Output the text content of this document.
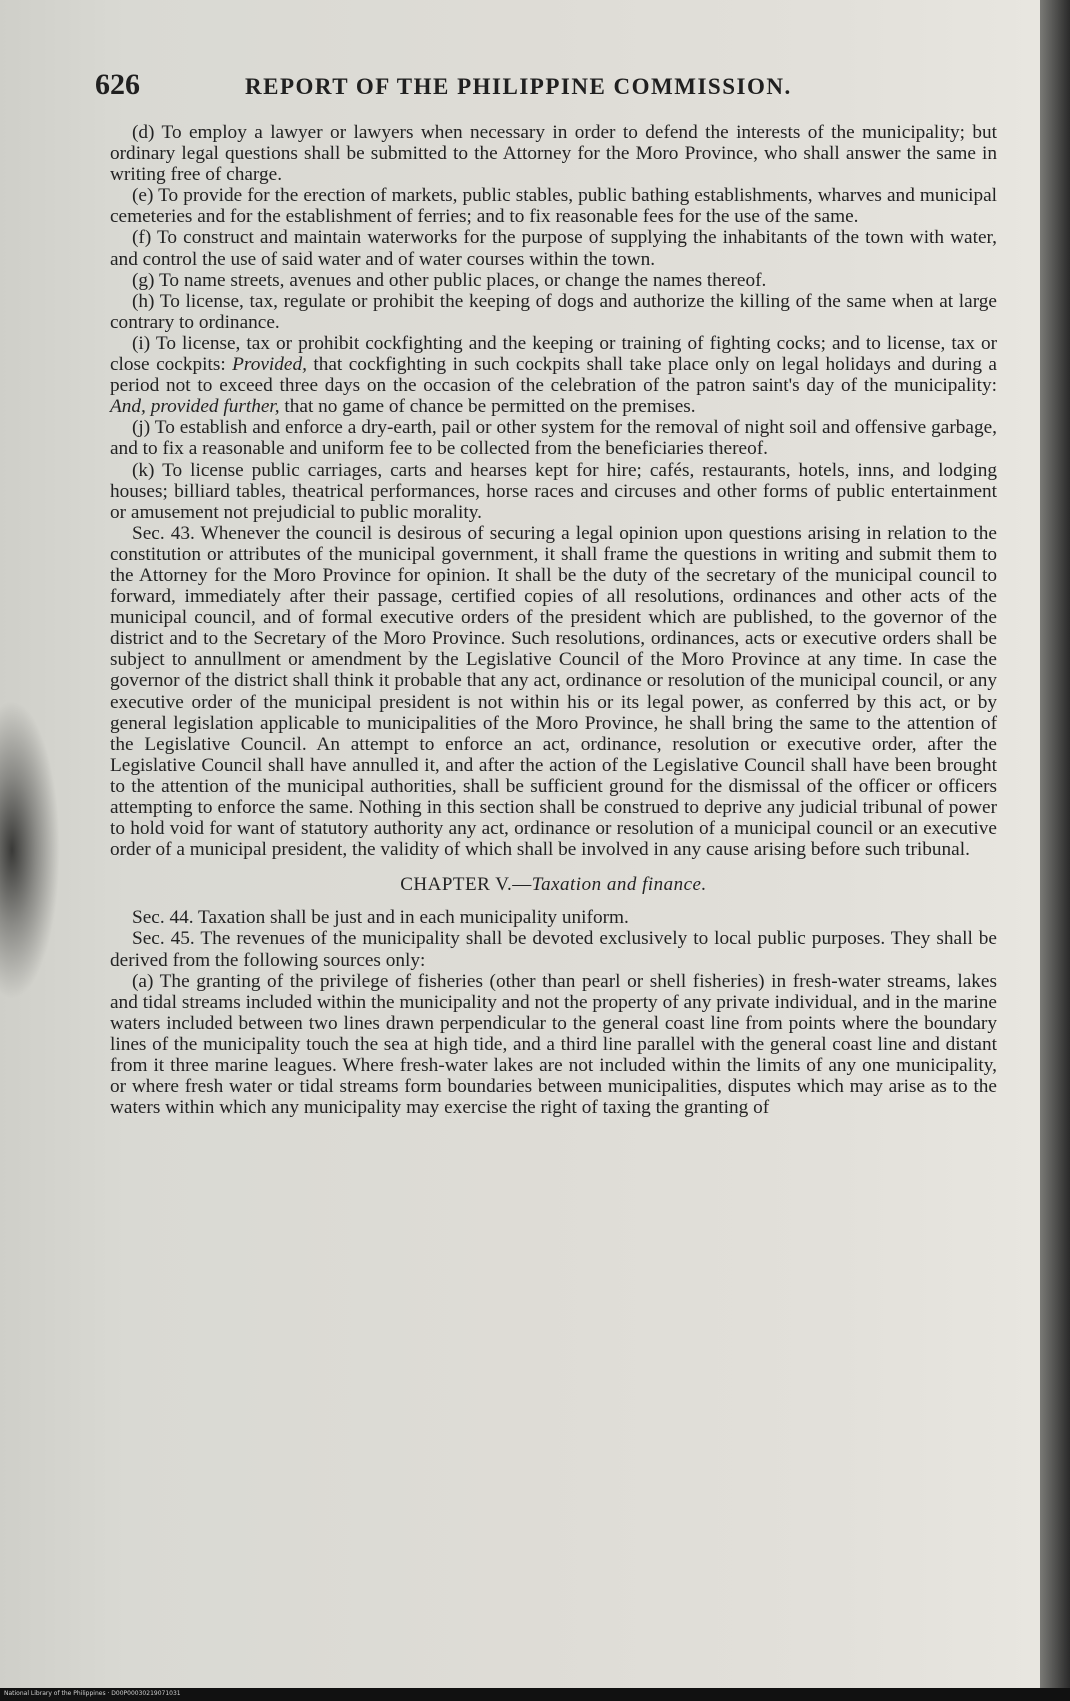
626	REPORT OF THE PHILIPPINE COMMISSION.

(d) To employ a lawyer or lawyers when necessary in order to defend the interests of the municipality; but ordinary legal questions shall be submitted to the Attorney for the Moro Province, who shall answer the same in writing free of charge.

(e) To provide for the erection of markets, public stables, public bathing establishments, wharves and municipal cemeteries and for the establishment of ferries; and to fix reasonable fees for the use of the same.

(f) To construct and maintain waterworks for the purpose of supplying the inhabitants of the town with water, and control the use of said water and of water courses within the town.

(g) To name streets, avenues and other public places, or change the names thereof.

(h) To license, tax, regulate or prohibit the keeping of dogs and authorize the killing of the same when at large contrary to ordinance.

(i) To license, tax or prohibit cockfighting and the keeping or training of fighting cocks; and to license, tax or close cockpits: Provided, that cockfighting in such cockpits shall take place only on legal holidays and during a period not to exceed three days on the occasion of the celebration of the patron saint's day of the municipality: And, provided further, that no game of chance be permitted on the premises.

(j) To establish and enforce a dry-earth, pail or other system for the removal of night soil and offensive garbage, and to fix a reasonable and uniform fee to be collected from the beneficiaries thereof.

(k) To license public carriages, carts and hearses kept for hire; cafés, restaurants, hotels, inns, and lodging houses; billiard tables, theatrical performances, horse races and circuses and other forms of public entertainment or amusement not prejudicial to public morality.

Sec. 43. Whenever the council is desirous of securing a legal opinion upon questions arising in relation to the constitution or attributes of the municipal government, it shall frame the questions in writing and submit them to the Attorney for the Moro Province for opinion. It shall be the duty of the secretary of the municipal council to forward, immediately after their passage, certified copies of all resolutions, ordinances and other acts of the municipal council, and of formal executive orders of the president which are published, to the governor of the district and to the Secretary of the Moro Province. Such resolutions, ordinances, acts or executive orders shall be subject to annullment or amendment by the Legislative Council of the Moro Province at any time. In case the governor of the district shall think it probable that any act, ordinance or resolution of the municipal council, or any executive order of the municipal president is not within his or its legal power, as conferred by this act, or by general legislation applicable to municipalities of the Moro Province, he shall bring the same to the attention of the Legislative Council. An attempt to enforce an act, ordinance, resolution or executive order, after the Legislative Council shall have annulled it, and after the action of the Legislative Council shall have been brought to the attention of the municipal authorities, shall be sufficient ground for the dismissal of the officer or officers attempting to enforce the same. Nothing in this section shall be construed to deprive any judicial tribunal of power to hold void for want of statutory authority any act, ordinance or resolution of a municipal council or an executive order of a municipal president, the validity of which shall be involved in any cause arising before such tribunal.

CHAPTER V.—Taxation and finance.

Sec. 44. Taxation shall be just and in each municipality uniform.

Sec. 45. The revenues of the municipality shall be devoted exclusively to local public purposes. They shall be derived from the following sources only:

(a) The granting of the privilege of fisheries (other than pearl or shell fisheries) in fresh-water streams, lakes and tidal streams included within the municipality and not the property of any private individual, and in the marine waters included between two lines drawn perpendicular to the general coast line from points where the boundary lines of the municipality touch the sea at high tide, and a third line parallel with the general coast line and distant from it three marine leagues. Where fresh-water lakes are not included within the limits of any one municipality, or where fresh water or tidal streams form boundaries between municipalities, disputes which may arise as to the waters within which any municipality may exercise the right of taxing the granting of

National Library of the Philippines · D00P00030219071031
